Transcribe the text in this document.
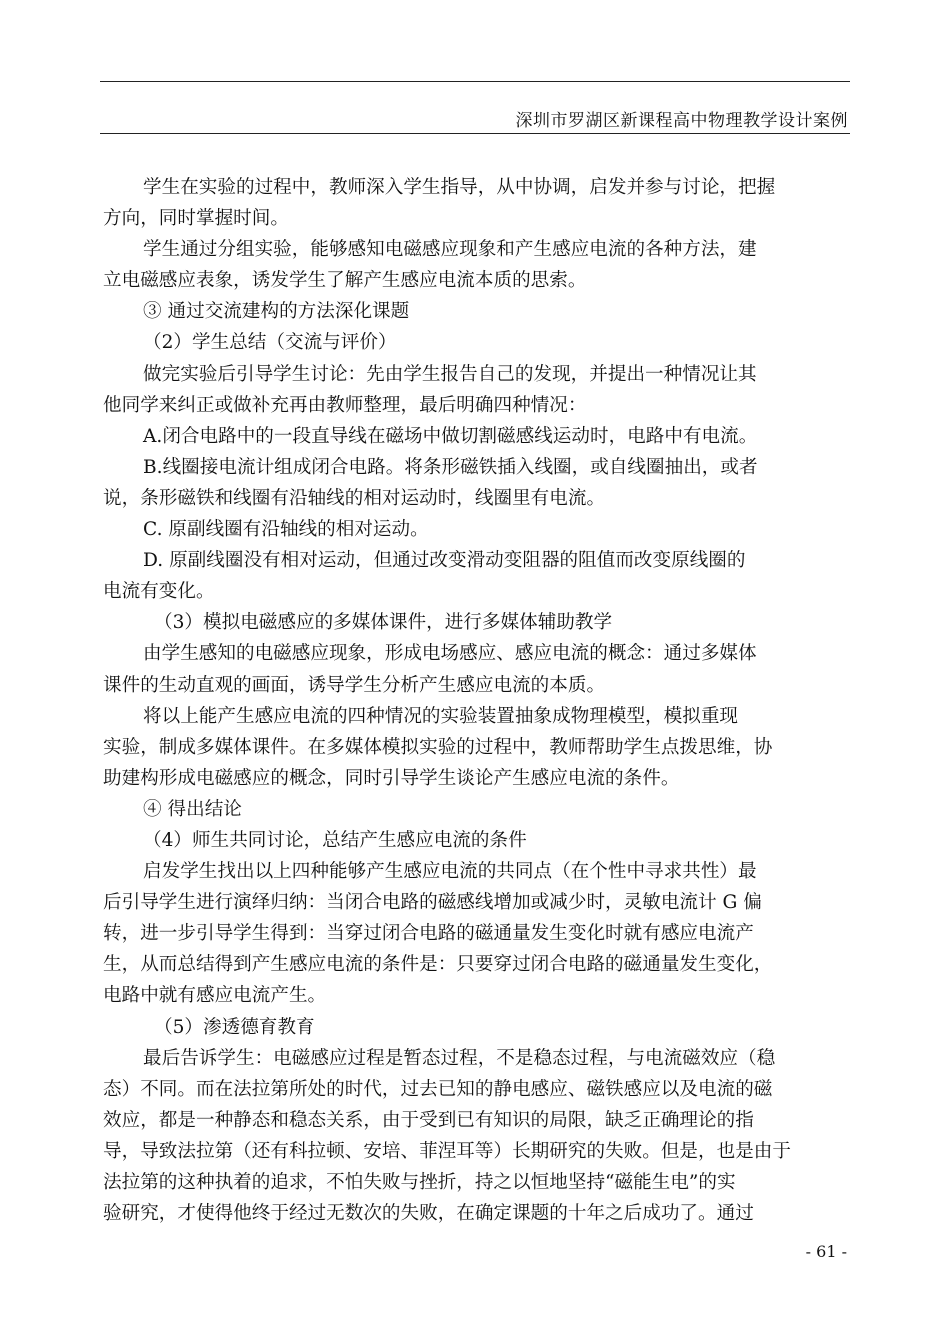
深圳市罗湖区新课程高中物理教学设计案例
学生在实验的过程中，教师深入学生指导，从中协调，启发并参与讨论，把握
方向，同时掌握时间。
学生通过分组实验，能够感知电磁感应现象和产生感应电流的各种方法，建
立电磁感应表象，诱发学生了解产生感应电流本质的思索。
③ 通过交流建构的方法深化课题
（2）学生总结（交流与评价）
做完实验后引导学生讨论：先由学生报告自己的发现，并提出一种情况让其
他同学来纠正或做补充再由教师整理，最后明确四种情况：
A.闭合电路中的一段直导线在磁场中做切割磁感线运动时，电路中有电流。
B.线圈接电流计组成闭合电路。将条形磁铁插入线圈，或自线圈抽出，或者
说，条形磁铁和线圈有沿轴线的相对运动时，线圈里有电流。
C. 原副线圈有沿轴线的相对运动。
D. 原副线圈没有相对运动，但通过改变滑动变阻器的阻值而改变原线圈的
电流有变化。
（3）模拟电磁感应的多媒体课件，进行多媒体辅助教学
由学生感知的电磁感应现象，形成电场感应、感应电流的概念：通过多媒体
课件的生动直观的画面，诱导学生分析产生感应电流的本质。
将以上能产生感应电流的四种情况的实验装置抽象成物理模型，模拟重现
实验，制成多媒体课件。在多媒体模拟实验的过程中，教师帮助学生点拨思维，协
助建构形成电磁感应的概念，同时引导学生谈论产生感应电流的条件。
④ 得出结论
（4）师生共同讨论，总结产生感应电流的条件
启发学生找出以上四种能够产生感应电流的共同点（在个性中寻求共性）最
后引导学生进行演绎归纳：当闭合电路的磁感线增加或减少时，灵敏电流计 G 偏
转，进一步引导学生得到：当穿过闭合电路的磁通量发生变化时就有感应电流产
生，从而总结得到产生感应电流的条件是：只要穿过闭合电路的磁通量发生变化，
电路中就有感应电流产生。
（5）渗透德育教育
最后告诉学生：电磁感应过程是暂态过程，不是稳态过程，与电流磁效应（稳
态）不同。而在法拉第所处的时代，过去已知的静电感应、磁铁感应以及电流的磁
效应，都是一种静态和稳态关系，由于受到已有知识的局限，缺乏正确理论的指
导，导致法拉第（还有科拉顿、安培、菲涅耳等）长期研究的失败。但是，也是由于
法拉第的这种执着的追求，不怕失败与挫折，持之以恒地坚持“磁能生电”的实
验研究，才使得他终于经过无数次的失败，在确定课题的十年之后成功了。通过
- 61 -
